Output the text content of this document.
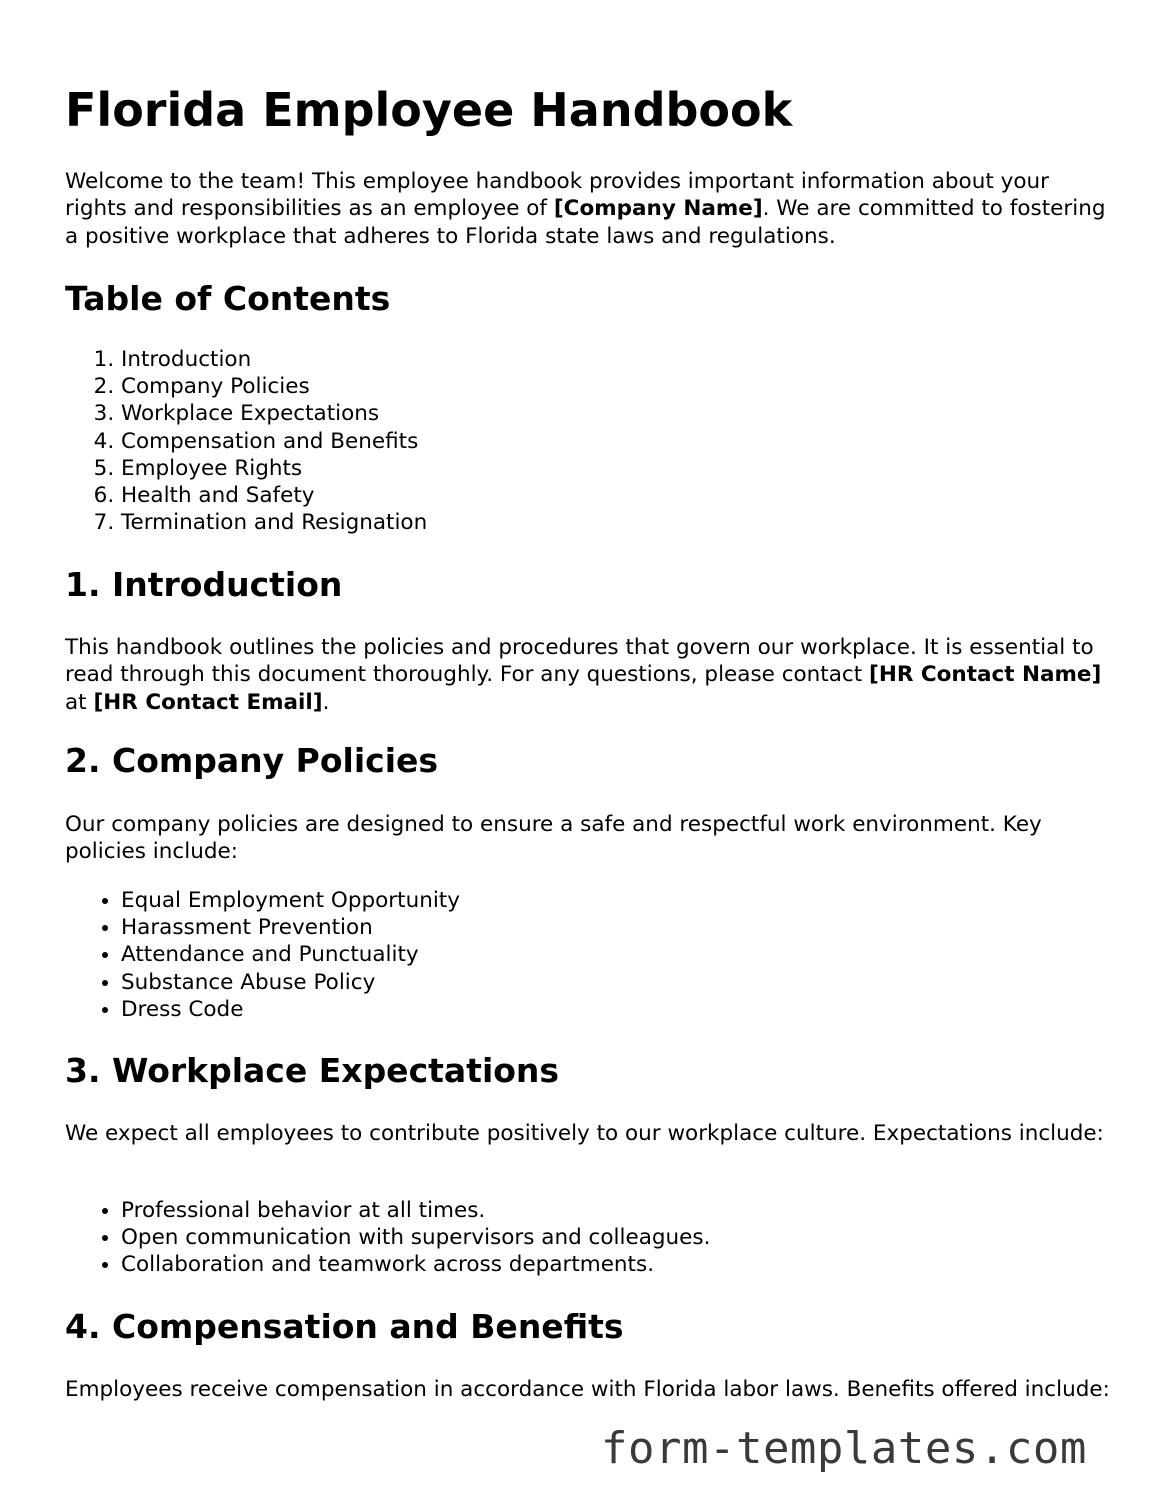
Florida Employee Handbook

Welcome to the team! This employee handbook provides important information about your rights and responsibilities as an employee of [Company Name]. We are committed to fostering a positive workplace that adheres to Florida state laws and regulations.

Table of Contents
1. Introduction
2. Company Policies
3. Workplace Expectations
4. Compensation and Benefits
5. Employee Rights
6. Health and Safety
7. Termination and Resignation
1. Introduction

This handbook outlines the policies and procedures that govern our workplace. It is essential to read through this document thoroughly. For any questions, please contact [HR Contact Name] at [HR Contact Email].

2. Company Policies

Our company policies are designed to ensure a safe and respectful work environment. Key policies include:

• Equal Employment Opportunity
• Harassment Prevention
• Attendance and Punctuality
• Substance Abuse Policy
• Dress Code
3. Workplace Expectations

We expect all employees to contribute positively to our workplace culture. Expectations include:

• Professional behavior at all times.
• Open communication with supervisors and colleagues.
• Collaboration and teamwork across departments.
4. Compensation and Benefits

Employees receive compensation in accordance with Florida labor laws. Benefits offered include:

form-templates.com
